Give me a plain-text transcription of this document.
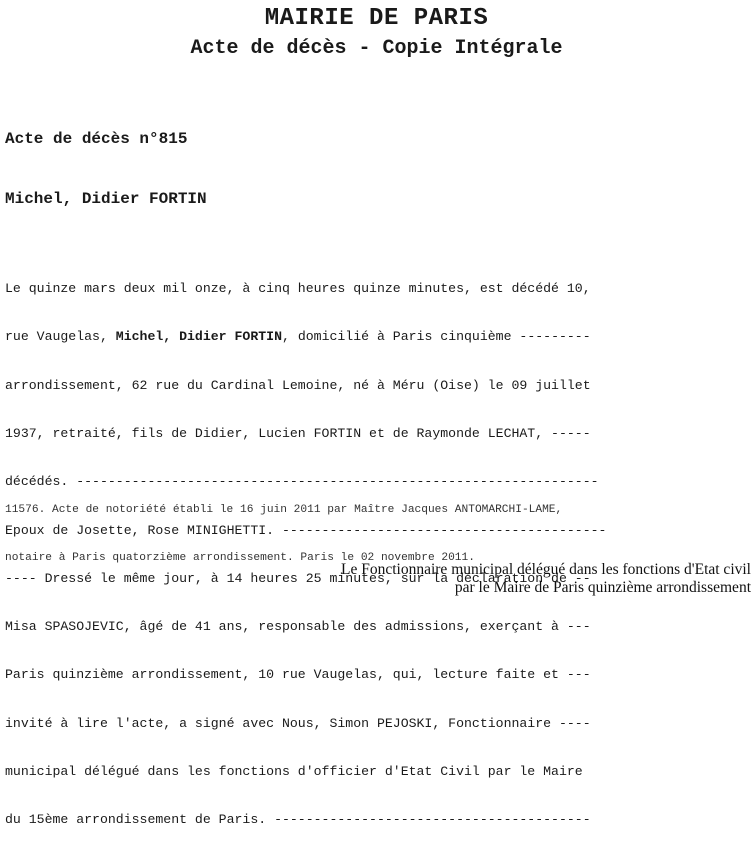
MAIRIE DE PARIS
Acte de décès - Copie Intégrale
Acte de décès n°815
Michel, Didier FORTIN

Le quinze mars deux mil onze, à cinq heures quinze minutes, est décédé 10,

rue Vaugelas, Michel, Didier FORTIN, domicilié à Paris cinquième ---------

arrondissement, 62 rue du Cardinal Lemoine, né à Méru (Oise) le 09 juillet

1937, retraité, fils de Didier, Lucien FORTIN et de Raymonde LECHAT, -----

décédés. ------------------------------------------------------------------

Epoux de Josette, Rose MINIGHETTI. -----------------------------------------

---- Dressé le même jour, à 14 heures 25 minutes, sur la déclaration de --

Misa SPASOJEVIC, âgé de 41 ans, responsable des admissions, exerçant à ---

Paris quinzième arrondissement, 10 rue Vaugelas, qui, lecture faite et ---

invité à lire l'acte, a signé avec Nous, Simon PEJOSKI, Fonctionnaire ----

municipal délégué dans les fonctions d'officier d'Etat Civil par le Maire

du 15ème arrondissement de Paris. ----------------------------------------

11576. Acte de notoriété établi le 16 juin 2011 par Maître Jacques ANTOMARCHI-LAME,

notaire à Paris quatorzième arrondissement. Paris le 02 novembre 2011.

Le Fonctionnaire municipal délégué dans les fonctions d'Etat civil
par le Maire de Paris quinzième arrondissement
